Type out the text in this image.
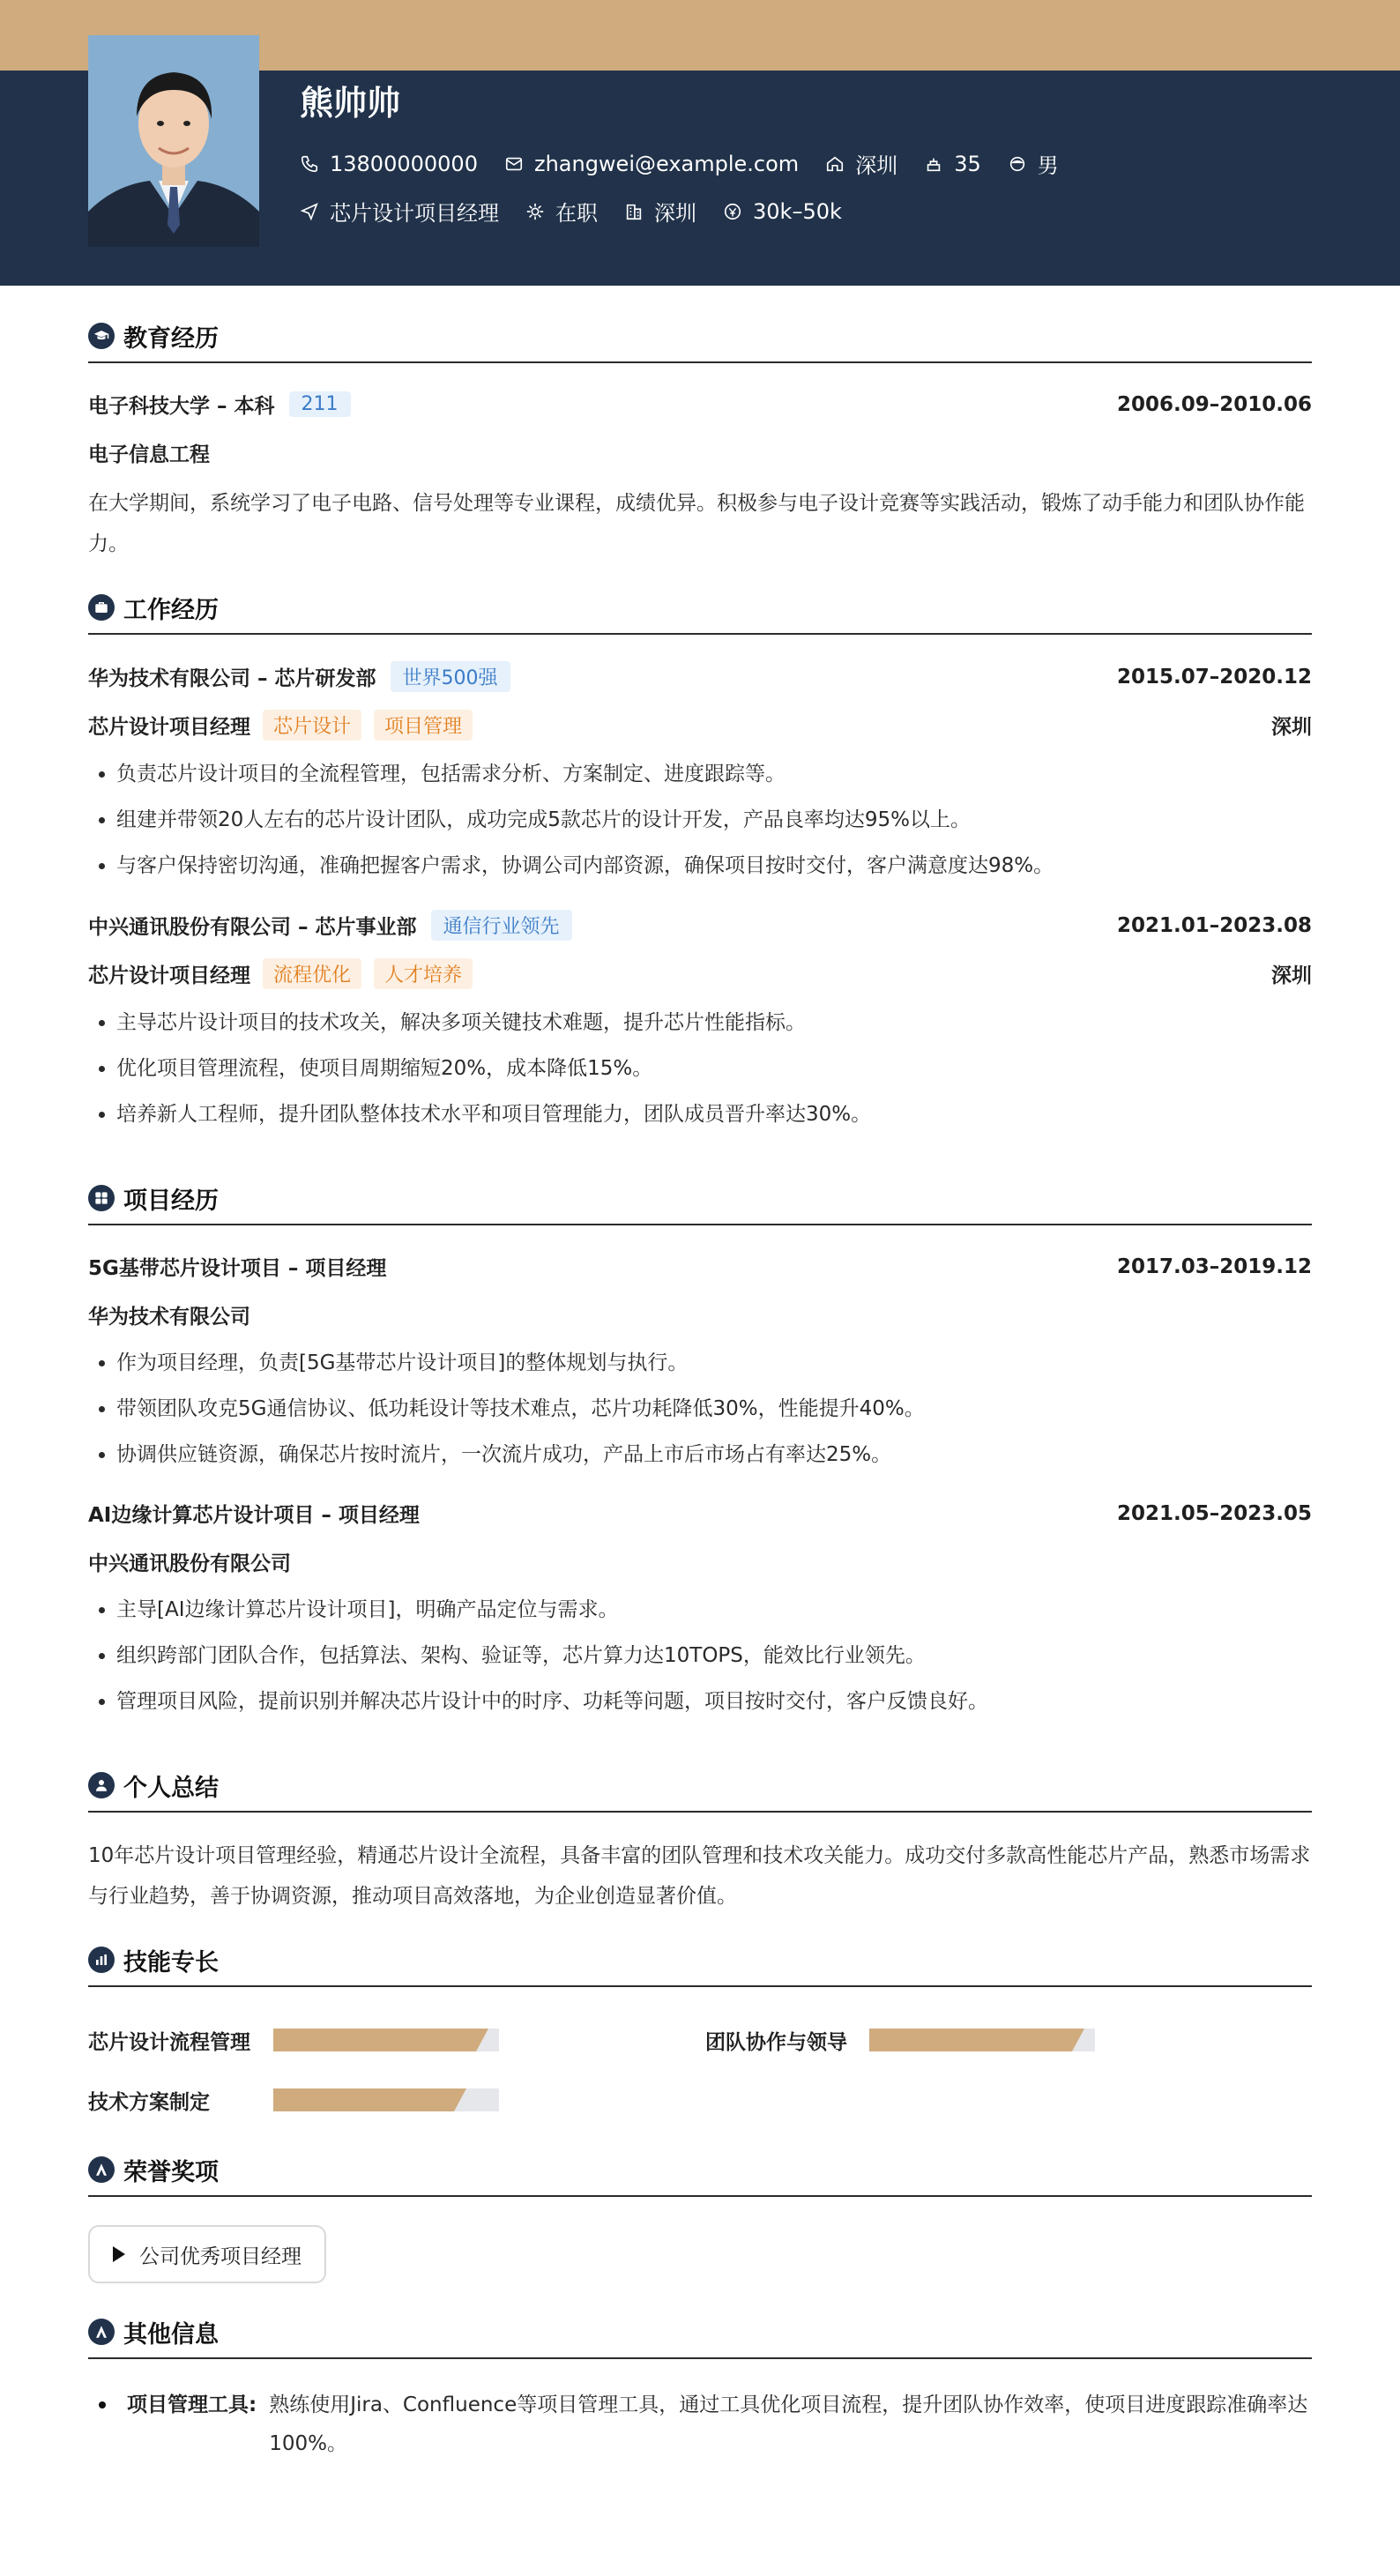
熊帅帅
13800000000	zhangwei@example.com	深圳	35	男
芯片设计项目经理	在职	深圳	30k–50k
教育经历
电子科技大学 – 本科	211	2006.09–2010.06
电子信息工程
在大学期间，系统学习了电子电路、信号处理等专业课程，成绩优异。积极参与电子设计竞赛等实践活动，锻炼了动手能力和团队协作能力。
工作经历
华为技术有限公司 – 芯片研发部	世界500强	2015.07–2020.12
芯片设计项目经理	芯片设计	项目管理	深圳
• 负责芯片设计项目的全流程管理，包括需求分析、方案制定、进度跟踪等。
• 组建并带领20人左右的芯片设计团队，成功完成5款芯片的设计开发，产品良率均达95%以上。
• 与客户保持密切沟通，准确把握客户需求，协调公司内部资源，确保项目按时交付，客户满意度达98%。
中兴通讯股份有限公司 – 芯片事业部	通信行业领先	2021.01–2023.08
芯片设计项目经理	流程优化	人才培养	深圳
• 主导芯片设计项目的技术攻关，解决多项关键技术难题，提升芯片性能指标。
• 优化项目管理流程，使项目周期缩短20%，成本降低15%。
• 培养新人工程师，提升团队整体技术水平和项目管理能力，团队成员晋升率达30%。
项目经历
5G基带芯片设计项目 – 项目经理	2017.03–2019.12
华为技术有限公司
• 作为项目经理，负责[5G基带芯片设计项目]的整体规划与执行。
• 带领团队攻克5G通信协议、低功耗设计等技术难点，芯片功耗降低30%，性能提升40%。
• 协调供应链资源，确保芯片按时流片，一次流片成功，产品上市后市场占有率达25%。
AI边缘计算芯片设计项目 – 项目经理	2021.05–2023.05
中兴通讯股份有限公司
• 主导[AI边缘计算芯片设计项目]，明确产品定位与需求。
• 组织跨部门团队合作，包括算法、架构、验证等，芯片算力达10TOPS，能效比行业领先。
• 管理项目风险，提前识别并解决芯片设计中的时序、功耗等问题，项目按时交付，客户反馈良好。
个人总结
10年芯片设计项目管理经验，精通芯片设计全流程，具备丰富的团队管理和技术攻关能力。成功交付多款高性能芯片产品，熟悉市场需求与行业趋势，善于协调资源，推动项目高效落地，为企业创造显著价值。
技能专长
芯片设计流程管理	团队协作与领导
技术方案制定
荣誉奖项
公司优秀项目经理
其他信息
项目管理工具: 熟练使用Jira、Confluence等项目管理工具，通过工具优化项目流程，提升团队协作效率，使项目进度跟踪准确率达100%。
